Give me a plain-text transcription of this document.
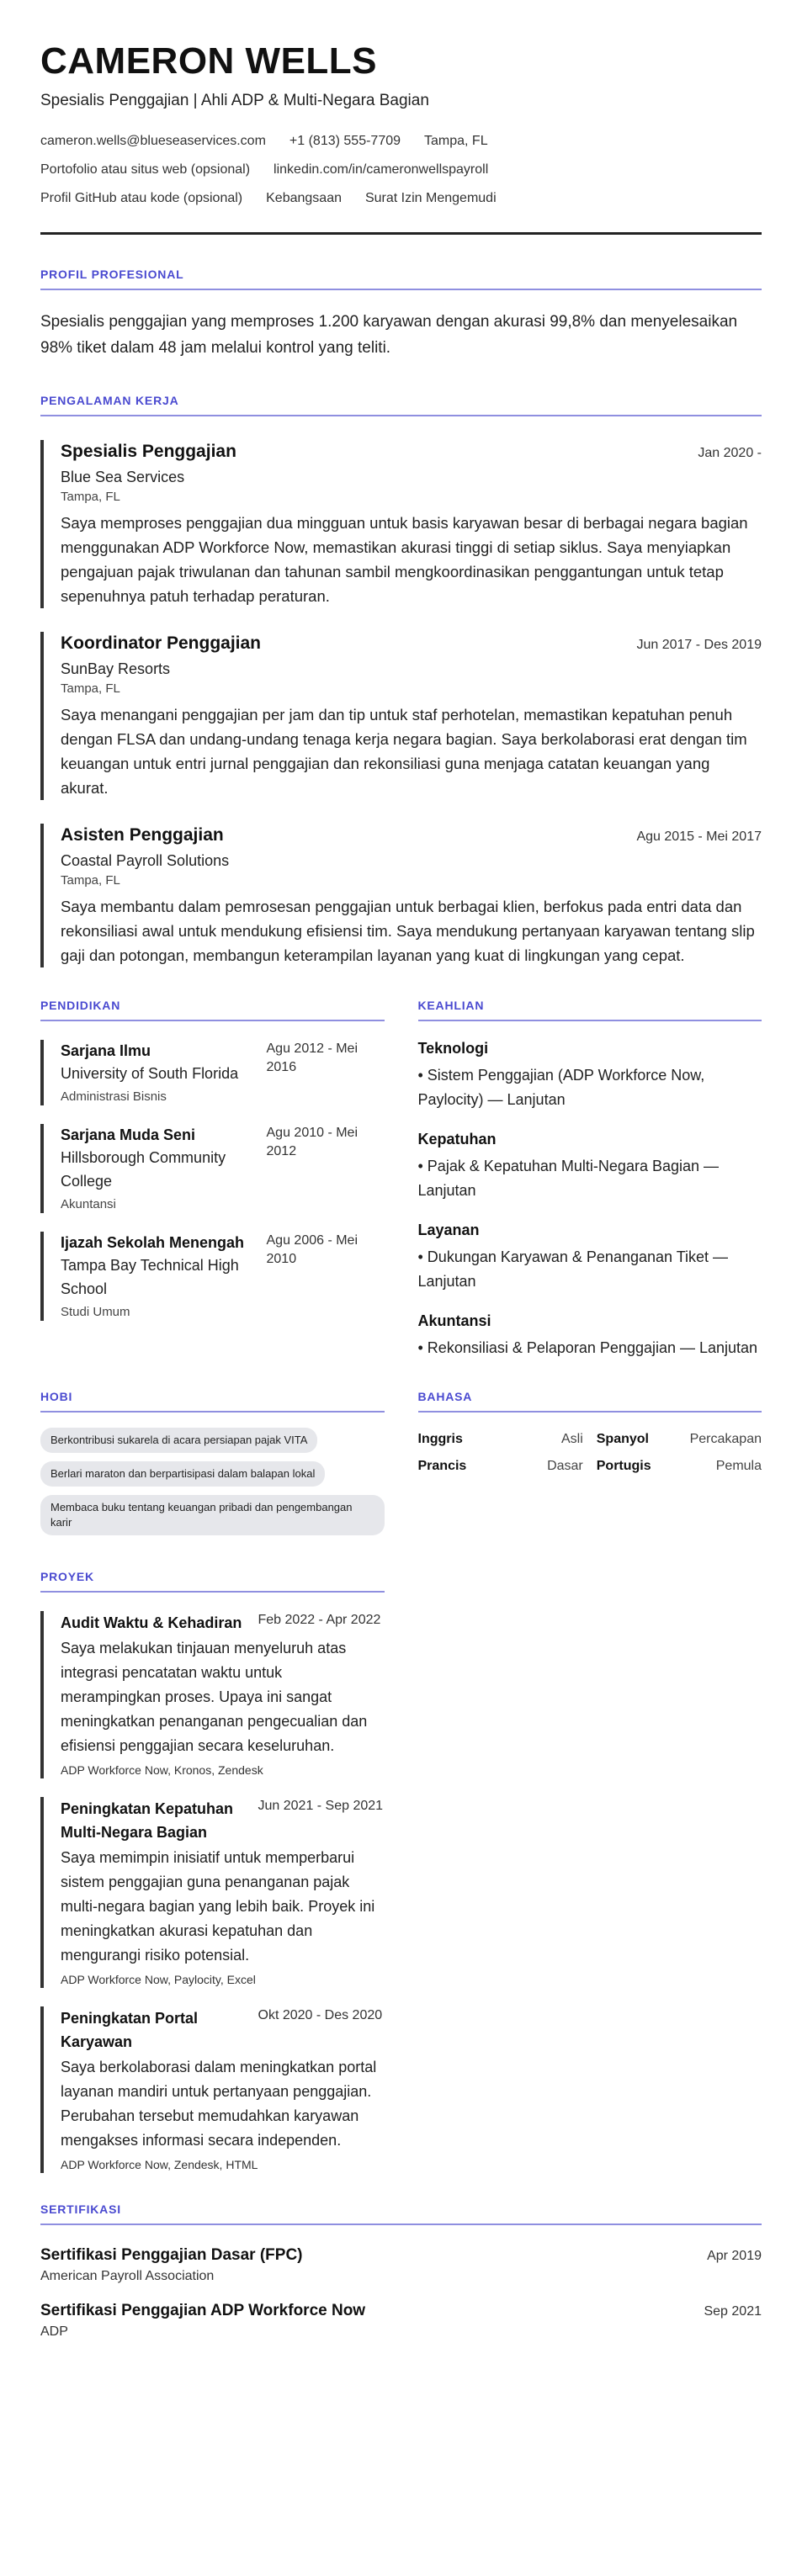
CAMERON WELLS
Spesialis Penggajian | Ahli ADP & Multi-Negara Bagian
cameron.wells@blueseaservices.com +1 (813) 555-7709 Tampa, FL
Portofolio atau situs web (opsional) linkedin.com/in/cameronwellspayroll
Profil GitHub atau kode (opsional) Kebangsaan Surat Izin Mengemudi
PROFIL PROFESIONAL
Spesialis penggajian yang memproses 1.200 karyawan dengan akurasi 99,8% dan menyelesaikan 98% tiket dalam 48 jam melalui kontrol yang teliti.
PENGALAMAN KERJA
Spesialis Penggajian	Jan 2020 -
Blue Sea Services
Tampa, FL
Saya memproses penggajian dua mingguan untuk basis karyawan besar di berbagai negara bagian menggunakan ADP Workforce Now, memastikan akurasi tinggi di setiap siklus. Saya menyiapkan pengajuan pajak triwulanan dan tahunan sambil mengkoordinasikan penggantungan untuk tetap sepenuhnya patuh terhadap peraturan.
Koordinator Penggajian	Jun 2017 - Des 2019
SunBay Resorts
Tampa, FL
Saya menangani penggajian per jam dan tip untuk staf perhotelan, memastikan kepatuhan penuh dengan FLSA dan undang-undang tenaga kerja negara bagian. Saya berkolaborasi erat dengan tim keuangan untuk entri jurnal penggajian dan rekonsiliasi guna menjaga catatan keuangan yang akurat.
Asisten Penggajian	Agu 2015 - Mei 2017
Coastal Payroll Solutions
Tampa, FL
Saya membantu dalam pemrosesan penggajian untuk berbagai klien, berfokus pada entri data dan rekonsiliasi awal untuk mendukung efisiensi tim. Saya mendukung pertanyaan karyawan tentang slip gaji dan potongan, membangun keterampilan layanan yang kuat di lingkungan yang cepat.
PENDIDIKAN
Sarjana Ilmu
University of South Florida
Agu 2012 - Mei 2016
Administrasi Bisnis
Sarjana Muda Seni
Hillsborough Community College
Agu 2010 - Mei 2012
Akuntansi
Ijazah Sekolah Menengah
Tampa Bay Technical High School
Agu 2006 - Mei 2010
Studi Umum
KEAHLIAN
Teknologi
• Sistem Penggajian (ADP Workforce Now, Paylocity) — Lanjutan
Kepatuhan
• Pajak & Kepatuhan Multi-Negara Bagian — Lanjutan
Layanan
• Dukungan Karyawan & Penanganan Tiket — Lanjutan
Akuntansi
• Rekonsiliasi & Pelaporan Penggajian — Lanjutan
HOBI
Berkontribusi sukarela di acara persiapan pajak VITA
Berlari maraton dan berpartisipasi dalam balapan lokal
Membaca buku tentang keuangan pribadi dan pengembangan karir
BAHASA
Inggris	Asli Spanyol	Percakapan
Prancis	Dasar Portugis	Pemula
PROYEK
Audit Waktu & Kehadiran	Feb 2022 - Apr 2022
Saya melakukan tinjauan menyeluruh atas integrasi pencatatan waktu untuk merampingkan proses. Upaya ini sangat meningkatkan penanganan pengecualian dan efisiensi penggajian secara keseluruhan.
ADP Workforce Now, Kronos, Zendesk
Peningkatan Kepatuhan Multi-Negara Bagian
Jun 2021 - Sep 2021
Saya memimpin inisiatif untuk memperbarui sistem penggajian guna penanganan pajak multi-negara bagian yang lebih baik. Proyek ini meningkatkan akurasi kepatuhan dan mengurangi risiko potensial.
ADP Workforce Now, Paylocity, Excel
Peningkatan Portal Karyawan
Okt 2020 - Des 2020
Saya berkolaborasi dalam meningkatkan portal layanan mandiri untuk pertanyaan penggajian. Perubahan tersebut memudahkan karyawan mengakses informasi secara independen.
ADP Workforce Now, Zendesk, HTML
SERTIFIKASI
Sertifikasi Penggajian Dasar (FPC)	Apr 2019
American Payroll Association
Sertifikasi Penggajian ADP Workforce Now	Sep 2021
ADP
